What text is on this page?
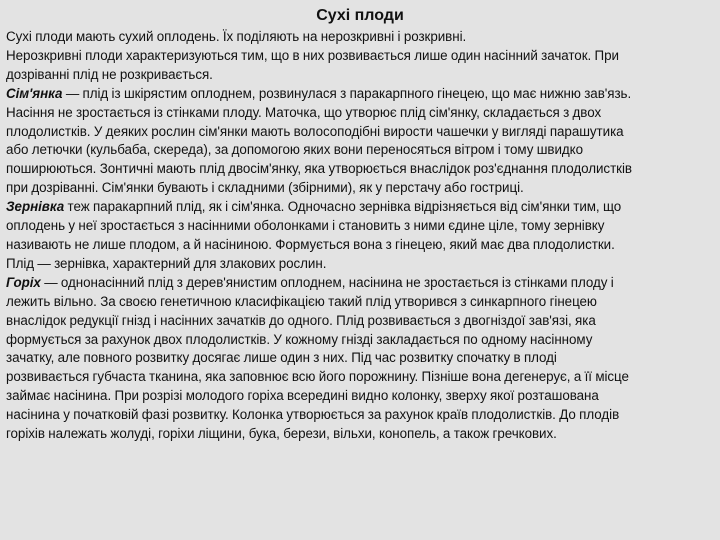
Сухі плоди
Сухі плоди мають сухий оплодень. Їх поділяють на нерозкривні і розкривні.
Нерозкривні плоди характеризуються тим, що в них розвивається лише один насінний зачаток. При
дозріванні плід не розкривається.
Сім'янка — плід із шкірястим оплоднем, розвинулася з паракарпного гінецею, що має нижню зав'язь.
Насіння не зростається із стінками плоду. Маточка, що утворює плід сім'янку, складається з двох
плодолистків. У деяких рослин сім'янки мають волосоподібні вирости чашечки у вигляді парашутика
або летючки (кульбаба, скереда), за допомогою яких вони переносяться вітром і тому швидко
поширюються. Зонтичні мають плід двосім'янку, яка утворюється внаслідок роз'єднання плодолистків
при дозріванні. Сім'янки бувають і складними (збірними), як у перстачу або гостриці.
Зернівка теж паракарпний плід, як і сім'янка. Одночасно зернівка відрізняється від сім'янки тим, що
оплодень у неї зростається з насінними оболонками і становить з ними єдине ціле, тому зернівку
називають не лише плодом, а й насіниною. Формується вона з гінецею, який має два плодолистки.
Плід — зернівка, характерний для злакових рослин.
Горіх — однонасінний плід з дерев'янистим оплоднем, насінина не зростається із стінками плоду і
лежить вільно. За своєю генетичною класифікацією такий плід утворився з синкарпного гінецею
внаслідок редукції гнізд і насінних зачатків до одного. Плід розвивається з двогніздої зав'язі, яка
формується за рахунок двох плодолистків. У кожному гнізді закладається по одному насінному
зачатку, але повного розвитку досягає лише один з них. Під час розвитку спочатку в плоді
розвивається губчаста тканина, яка заповнює всю його порожнину. Пізніше вона дегенерує, а її місце
займає насінина. При розрізі молодого горіха всередині видно колонку, зверху якої розташована
насінина у початковій фазі розвитку. Колонка утворюється за рахунок країв плодолистків. До плодів
горіхів належать жолуді, горіхи ліщини, бука, берези, вільхи, конопель, а також гречкових.
